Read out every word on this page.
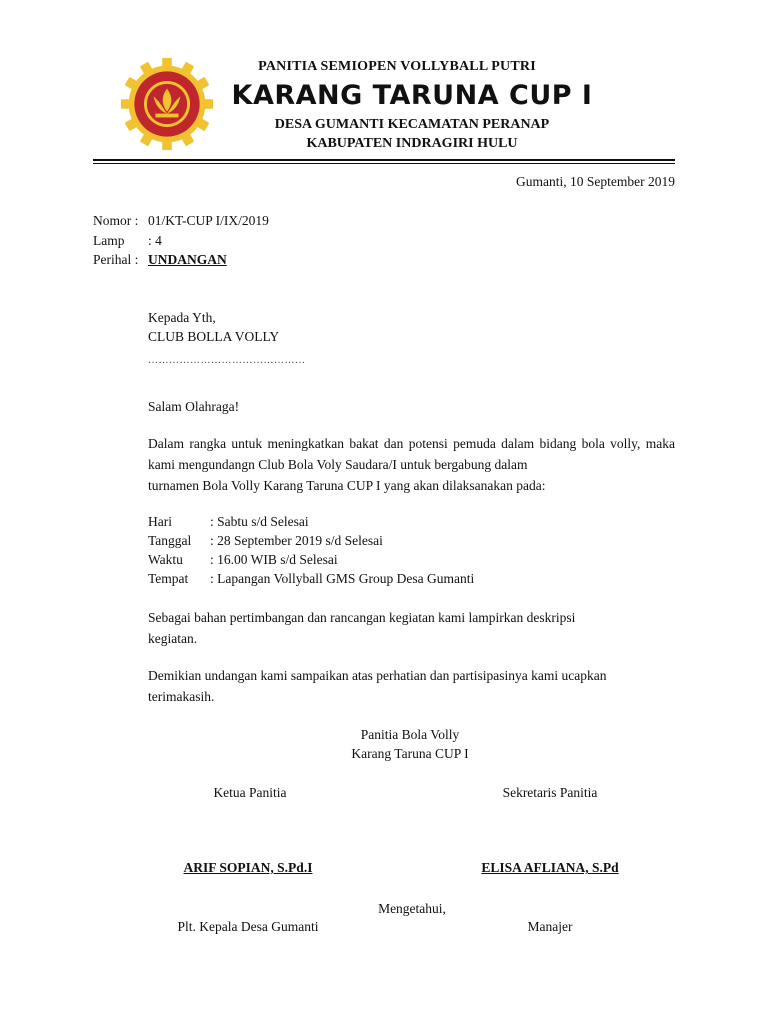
PANITIA SEMIOPEN VOLLYBALL PUTRI
KARANG TARUNA CUP I
DESA GUMANTI KECAMATAN PERANAP
KABUPATEN INDRAGIRI HULU
Gumanti, 10 September 2019
Nomor : 01/KT-CUP I/IX/2019
Lamp : 4
Perihal : UNDANGAN
Kepada Yth,
CLUB BOLLA VOLLY
………………………………………
Salam Olahraga!
Dalam rangka untuk meningkatkan bakat dan potensi pemuda dalam bidang bola volly, maka kami mengundangn Club Bola Voly Saudara/I untuk bergabung dalam
turnamen Bola Volly Karang Taruna CUP I yang akan dilaksanakan pada:
Hari	: Sabtu s/d Selesai
Tanggal : 28 September 2019 s/d Selesai
Waktu : 16.00 WIB s/d Selesai
Tempat : Lapangan Vollyball GMS Group Desa Gumanti
Sebagai bahan pertimbangan dan rancangan kegiatan kami lampirkan deskripsi
kegiatan.
Demikian undangan kami sampaikan atas perhatian dan partisipasinya kami ucapkan
terimakasih.
Panitia Bola Volly
Karang Taruna CUP I
Ketua Panitia	Sekretaris Panitia
ARIF SOPIAN, S.Pd.I	ELISA AFLIANA, S.Pd
Mengetahui,
Plt. Kepala Desa Gumanti	Manajer
